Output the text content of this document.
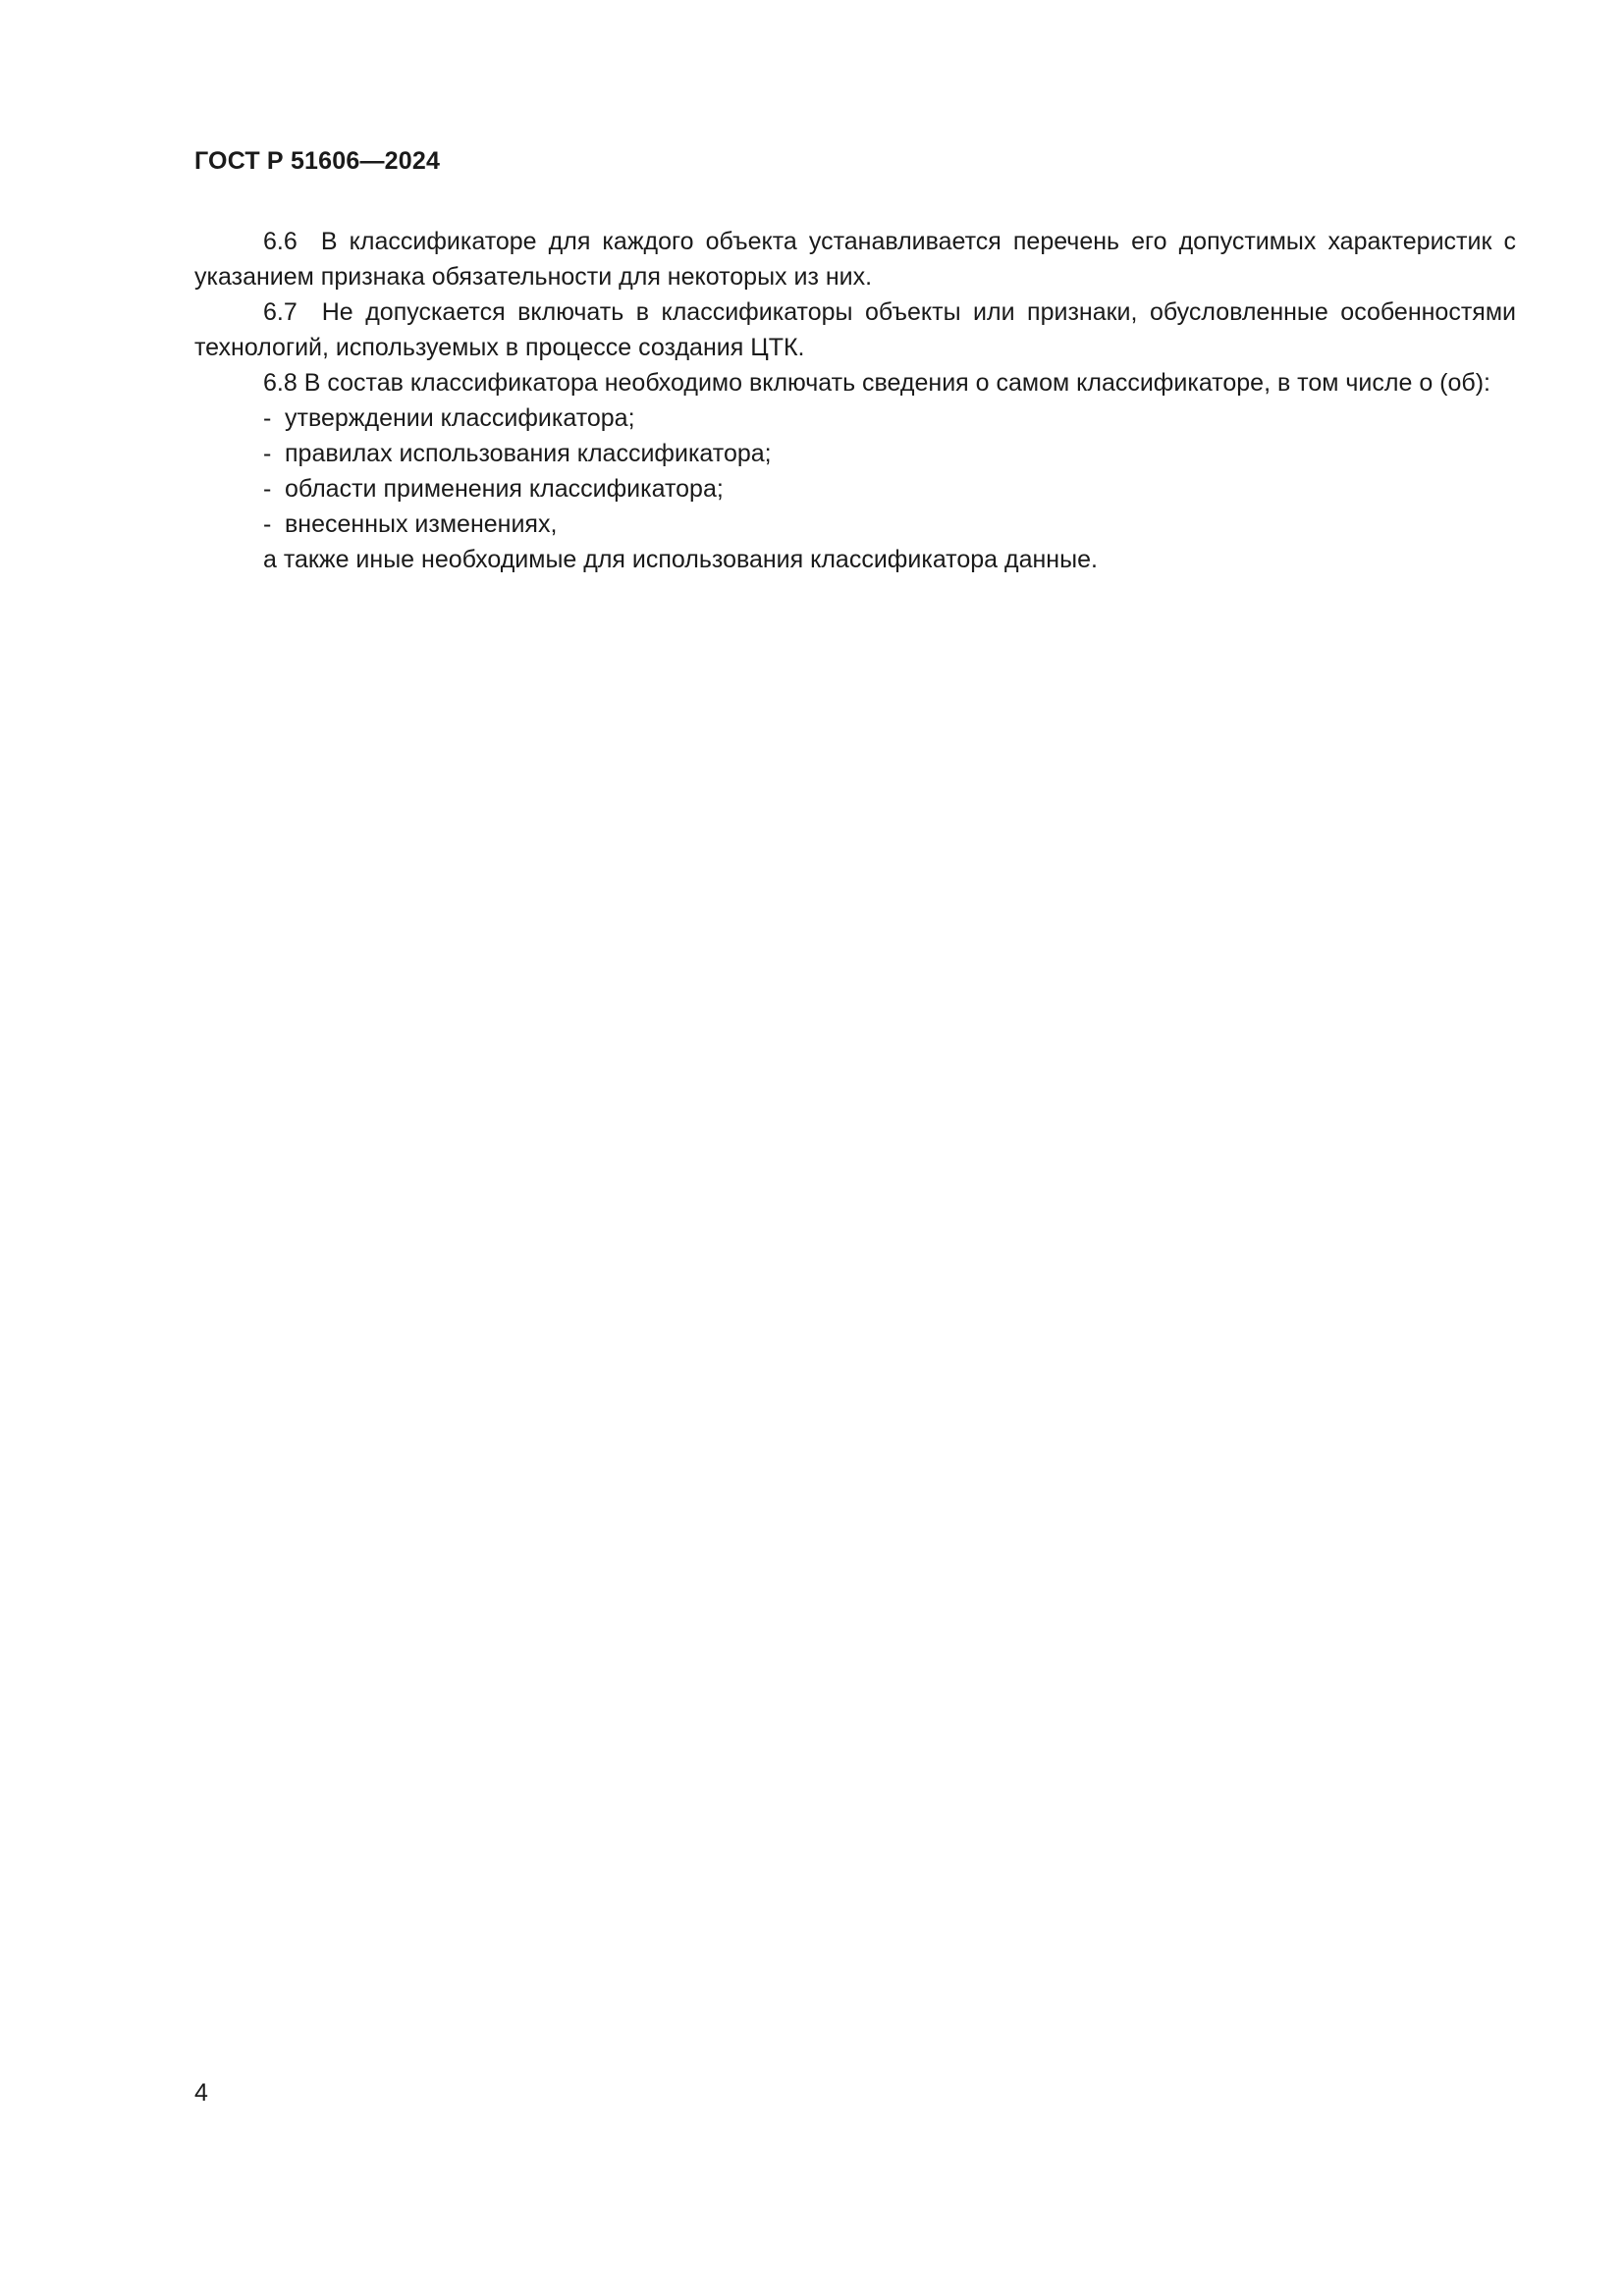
ГОСТ Р 51606—2024

6.6 В классификаторе для каждого объекта устанавливается перечень его допустимых характеристик с указанием признака обязательности для некоторых из них.

6.7 Не допускается включать в классификаторы объекты или признаки, обусловленные особенностями технологий, используемых в процессе создания ЦТК.

6.8 В состав классификатора необходимо включать сведения о самом классификаторе, в том числе о (об):

- утверждении классификатора;
- правилах использования классификатора;
- области применения классификатора;
- внесенных изменениях,

а также иные необходимые для использования классификатора данные.

4
